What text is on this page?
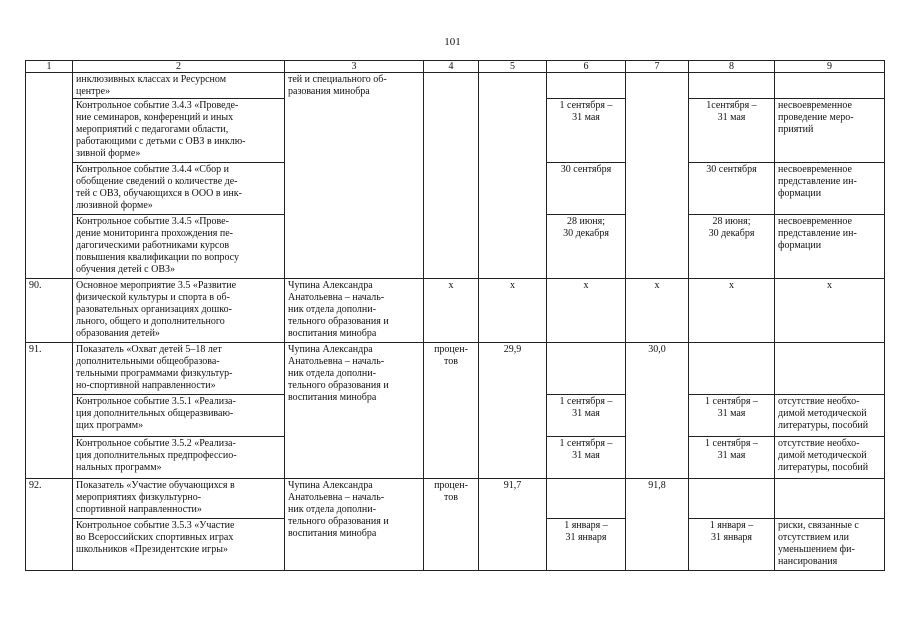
101
1	2	3	4	5	6	7	8	9
	инклюзивных классах и Ресурсном
центре»	тей и специального об-
разования минобра						
	Контрольное событие 3.4.3 «Проведе-
ние семинаров, конференций и иных
мероприятий с педагогами области,
работающими с детьми с ОВЗ в инклю-
зивной форме»				1 сентября –
31 мая		1сентября –
31 мая	несвоевременное
проведение меро-
приятий
	Контрольное событие 3.4.4 «Сбор и
обобщение сведений о количестве де-
тей с ОВЗ, обучающихся в ООО в инк-
люзивной форме»				30 сентября		30 сентября	несвоевременное
представление ин-
формации
	Контрольное событие 3.4.5 «Прове-
дение мониторинга прохождения пе-
дагогическими работниками курсов
повышения квалификации по вопросу
обучения детей с ОВЗ»				28 июня;
30 декабря		28 июня;
30 декабря	несвоевременное
представление ин-
формации
90.	Основное мероприятие 3.5 «Развитие
физической культуры и спорта в об-
разовательных организациях дошко-
льного, общего и дополнительного
образования детей»	Чупина Александра
Анатольевна – началь-
ник отдела дополни-
тельного образования и
воспитания минобра	х	х	х	х	х	х
91.	Показатель «Охват детей 5–18 лет
дополнительными общеобразова-
тельными программами физкультур-
но-спортивной направленности»	Чупина Александра
Анатольевна – началь-
ник отдела дополни-
тельного образования и
воспитания минобра	процен-
тов	29,9		30,0		
	Контрольное событие 3.5.1 «Реализа-
ция дополнительных общеразвиваю-
щих программ»				1 сентября –
31 мая		1 сентября –
31 мая	отсутствие необхо-
димой методической
литературы, пособий
	Контрольное событие 3.5.2 «Реализа-
ция дополнительных предпрофессио-
нальных программ»				1 сентября –
31 мая		1 сентября –
31 мая	отсутствие необхо-
димой методической
литературы, пособий
92.	Показатель «Участие обучающихся в
мероприятиях физкультурно-
спортивной направленности»	Чупина Александра
Анатольевна – началь-
ник отдела дополни-
тельного образования и
воспитания минобра	процен-
тов	91,7		91,8		
	Контрольное событие 3.5.3 «Участие
во Всероссийских спортивных играх
школьников «Президентские игры»				1 января –
31 января		1 января –
31 января	риски, связанные с
отсутствием или
уменьшением фи-
нансирования
